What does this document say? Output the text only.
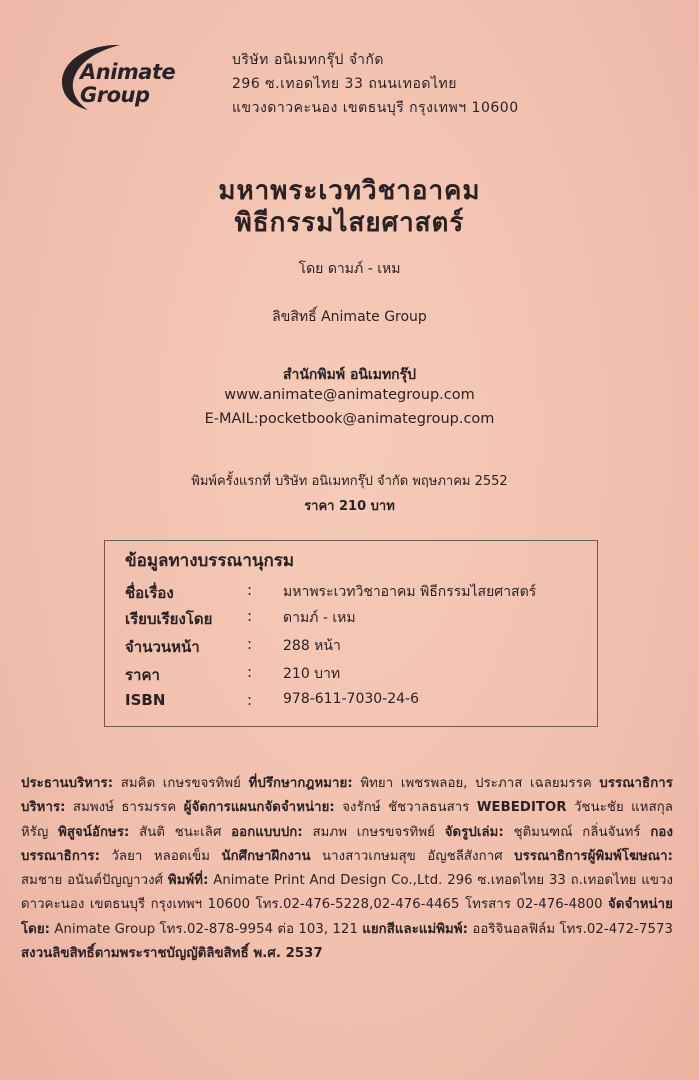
Animate
Group
บริษัท อนิเมทกรุ๊ป จำกัด
296 ซ.เทอดไทย 33 ถนนเทอดไทย
แขวงดาวคะนอง เขตธนบุรี กรุงเทพฯ 10600
มหาพระเวทวิชาอาคม
พิธีกรรมไสยศาสตร์
โดย ดามภ์ - เหม
ลิขสิทธิ์ Animate Group
สำนักพิมพ์ อนิเมทกรุ๊ป
www.animate@animategroup.com
E-MAIL:pocketbook@animategroup.com
พิมพ์ครั้งแรกที่ บริษัท อนิเมทกรุ๊ป จำกัด พฤษภาคม 2552
ราคา 210 บาท
ข้อมูลทางบรรณานุกรม
ชื่อเรื่อง	: มหาพระเวทวิชาอาคม พิธีกรรมไสยศาสตร์
เรียบเรียงโดย : ดามภ์ - เหม
จำนวนหน้า	: 288 หน้า
ราคา	: 210 บาท
ISBN	: 978-611-7030-24-6
ประธานบริหาร: สมคิด เกษรขจรทิพย์ ที่ปรึกษากฎหมาย: พิทยา เพชรพลอย, ประภาส เฉลยมรรค บรรณาธิการบริหาร: สมพงษ์ ธารมรรค ผู้จัดการแผนกจัดจำหน่าย: จงรักษ์ ชัชวาลธนสาร WEBEDITOR วัชนะชัย แหสกุลหิรัญ พิสูจน์อักษร: สันติ ชนะเลิศ ออกแบบปก: สมภพ เกษรขจรทิพย์ จัดรูปเล่ม: ชุติมนฑณ์ กลิ่นจันทร์ กองบรรณาธิการ: วัลยา หลอดเข็ม นักศึกษาฝึกงาน นางสาวเกษมสุข อัญชลีสังกาศ บรรณาธิการผู้พิมพ์โฆษณา: สมชาย อนันต์ปัญญาวงศ์ พิมพ์ที่: Animate Print And Design Co.,Ltd. 296 ซ.เทอดไทย 33 ถ.เทอดไทย แขวงดาวคะนอง เขตธนบุรี กรุงเทพฯ 10600 โทร.02-476-5228,02-476-4465 โทรสาร 02-476-4800 จัดจำหน่ายโดย: Animate Group โทร.02-878-9954 ต่อ 103, 121 แยกสีและแม่พิมพ์: ออริจินอลฟิล์ม โทร.02-472-7573 สงวนลิขสิทธิ์ตามพระราชบัญญัติลิขสิทธิ์ พ.ศ. 2537
